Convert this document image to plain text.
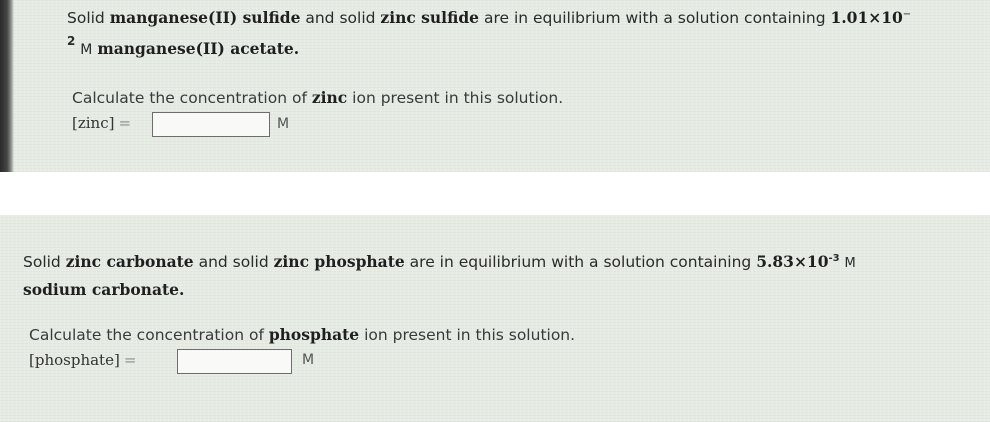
Solid manganese(II) sulfide and solid zinc sulfide are in equilibrium with a solution containing 1.01×10−

$^2$ M manganese(II) acetate.

Calculate the concentration of zinc ion present in this solution.

[zinc] =	M

Solid zinc carbonate and solid zinc phosphate are in equilibrium with a solution containing $5.83\times 10^{-3}$ M

sodium carbonate.

Calculate the concentration of phosphate ion present in this solution.

[phosphate] =	M
